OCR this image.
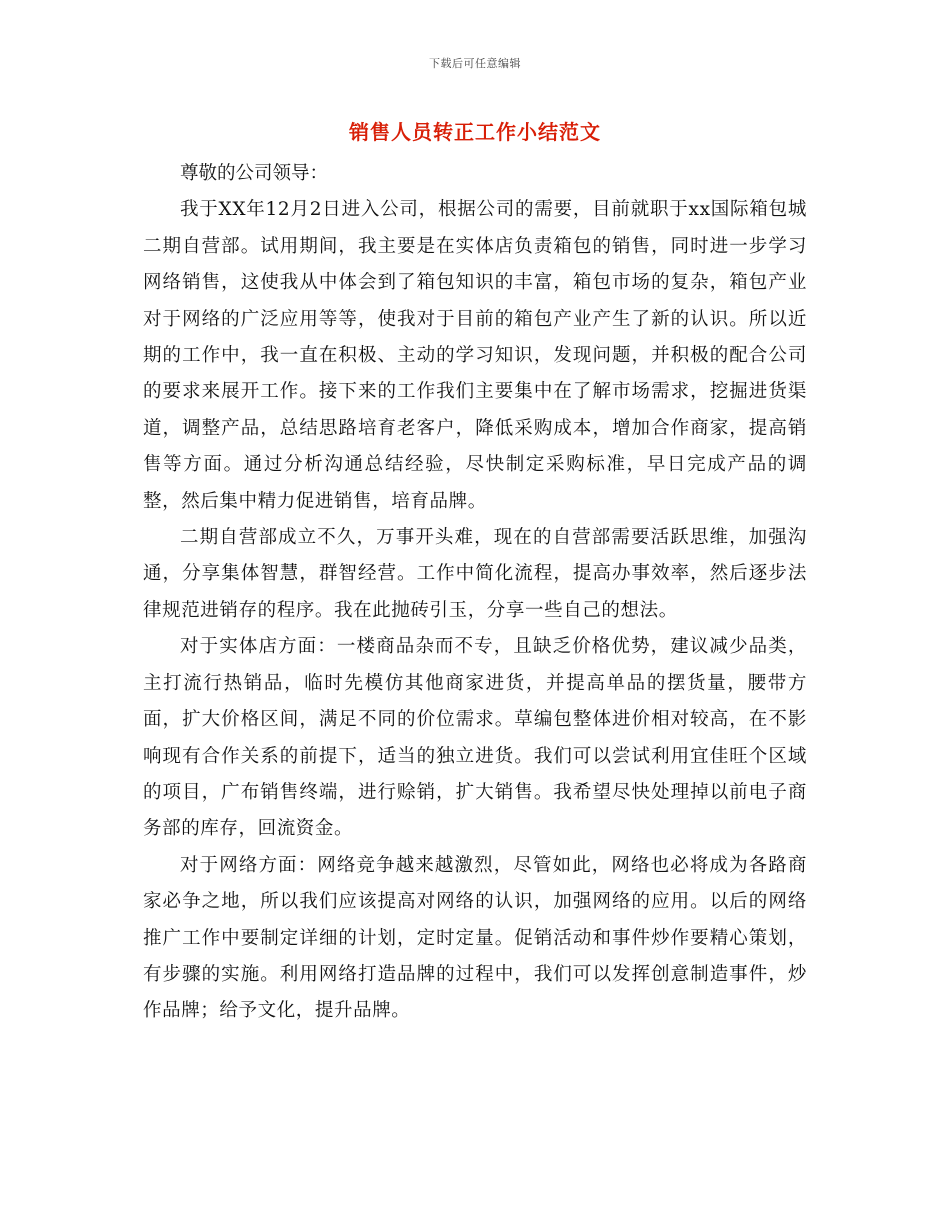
下载后可任意编辑
销售人员转正工作小结范文

尊敬的公司领导：

我于XX年12月2日进入公司，根据公司的需要，目前就职于xx国际箱包城二期自营部。试用期间，我主要是在实体店负责箱包的销售，同时进一步学习网络销售，这使我从中体会到了箱包知识的丰富，箱包市场的复杂，箱包产业对于网络的广泛应用等等，使我对于目前的箱包产业产生了新的认识。所以近期的工作中，我一直在积极、主动的学习知识，发现问题，并积极的配合公司的要求来展开工作。接下来的工作我们主要集中在了解市场需求，挖掘进货渠道，调整产品，总结思路培育老客户，降低采购成本，增加合作商家，提高销售等方面。通过分析沟通总结经验，尽快制定采购标准，早日完成产品的调整，然后集中精力促进销售，培育品牌。

二期自营部成立不久，万事开头难，现在的自营部需要活跃思维，加强沟通，分享集体智慧，群智经营。工作中简化流程，提高办事效率，然后逐步法律规范进销存的程序。我在此抛砖引玉，分享一些自己的想法。

对于实体店方面：一楼商品杂而不专，且缺乏价格优势，建议减少品类，主打流行热销品，临时先模仿其他商家进货，并提高单品的摆货量，腰带方面，扩大价格区间，满足不同的价位需求。草编包整体进价相对较高，在不影响现有合作关系的前提下，适当的独立进货。我们可以尝试利用宜佳旺个区域的项目，广布销售终端，进行赊销，扩大销售。我希望尽快处理掉以前电子商务部的库存，回流资金。

对于网络方面：网络竞争越来越激烈，尽管如此，网络也必将成为各路商家必争之地，所以我们应该提高对网络的认识，加强网络的应用。以后的网络推广工作中要制定详细的计划，定时定量。促销活动和事件炒作要精心策划，有步骤的实施。利用网络打造品牌的过程中，我们可以发挥创意制造事件，炒作品牌；给予文化，提升品牌。
